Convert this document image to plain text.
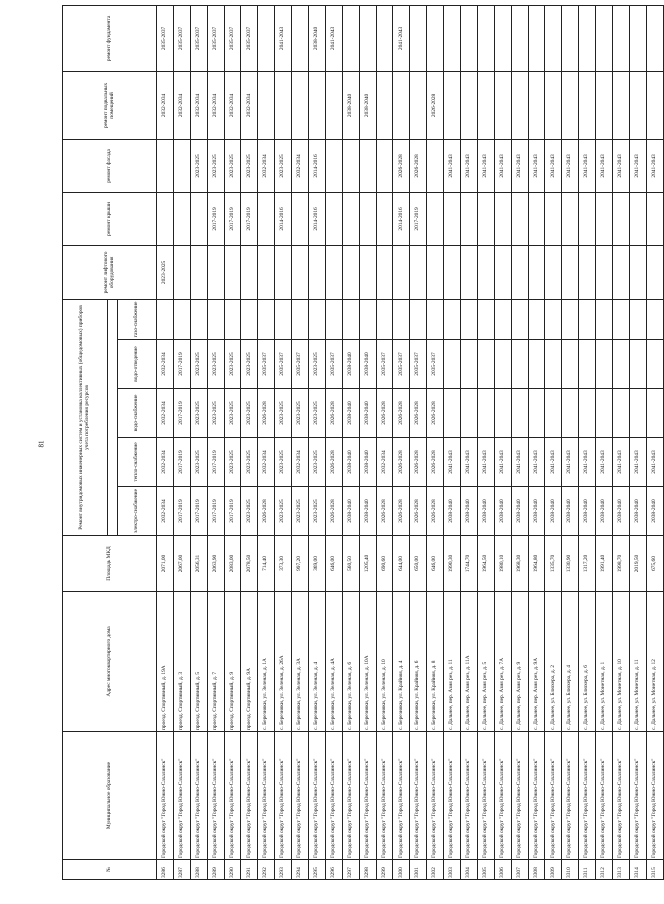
81
№	Муниципальное образование	Адрес многоквартирного дома	Площадь МКД	Ремонт внутридомовых инженерных систем и установка коллективных (общедомовых) приборов учета потребления ресурсов					ремонт лифтового оборудования	ремонт крыши	ремонт фасада	ремонт подвальных помещений	ремонт фундамента

				электро-снабжение	тепло-снабжение	водо-снабжение	водо-отведение	газо-снабжение					
3286	Городской округ "Город Южно-Сахалинск"	проезд. Спортивный, д. 19А	2071,00	2032-2034	2032-2034	2032-2034	2032-2034		2023-2025			2032-2034	2035-2037
3287	Городской округ "Город Южно-Сахалинск"	проезд. Спортивный, д. 3	2067,00	2017-2019	2017-2019	2017-2019	2017-2019					2032-2034	2035-2037
3288	Городской округ "Город Южно-Сахалинск"	проезд. Спортивный, д. 5	2056,31	2017-2019	2023-2025	2023-2025	2023-2025				2023-2025	2032-2034	2035-2037
3289	Городской округ "Город Южно-Сахалинск"	проезд. Спортивный, д. 7	2063,90	2017-2019	2017-2019	2023-2025	2023-2025			2017-2019	2023-2025	2032-2034	2035-2037
3290	Городской округ "Город Южно-Сахалинск"	проезд. Спортивный, д. 9	2083,00	2017-2019	2023-2025	2023-2025	2023-2025			2017-2019	2023-2025	2032-2034	2035-2037
3291	Городской округ "Город Южно-Сахалинск"	проезд. Спортивный, д. 9А	2078,50	2023-2025	2023-2025	2023-2025	2023-2025			2017-2019	2023-2025	2032-2034	2035-2037
3292	Городской округ "Город Южно-Сахалинск"	с. Березняки, ул. Зеленая, д. 1А	714,40	2026-2028	2032-2034	2026-2028	2035-2037				2032-2034		
3293	Городской округ "Город Южно-Сахалинск"	с. Березняки, ул. Зеленая, д. 26А	373,30	2023-2025	2023-2025	2023-2025	2035-2037			2014-2016	2023-2025		2041-2043
3294	Городской округ "Город Южно-Сахалинск"	с. Березняки, ул. Зеленая, д. 3А	997,20	2023-2025	2032-2034	2023-2025	2035-2037				2032-2034		
3295	Городской округ "Город Южно-Сахалинск"	с. Березняки, ул. Зеленая, д. 4	369,00	2023-2025	2023-2025	2023-2025	2023-2025			2014-2016	2014-2016		2038-2040
3296	Городской округ "Город Южно-Сахалинск"	с. Березняки, ул. Зеленая, д. 4А	646,00	2026-2028	2026-2028	2026-2028	2035-2037						2041-2043
3297	Городской округ "Город Южно-Сахалинск"	с. Березняки, ул. Зеленая, д. 6	560,50	2038-2040	2038-2040	2038-2040	2038-2040					2038-2040	
3298	Городской округ "Город Южно-Сахалинск"	с. Березняки, ул. Зеленая, д. 10А	1205,40	2038-2040	2038-2040	2038-2040	2038-2040					2038-2040	
3299	Городской округ "Город Южно-Сахалинск"	с. Березняки, ул. Зеленая, д. 10	690,60	2026-2028	2032-2034	2026-2028	2035-2037						
3300	Городской округ "Город Южно-Сахалинск"	с. Березняки, ул. Крайняя, д. 4	644,00	2026-2028	2026-2028	2026-2028	2035-2037			2014-2016	2026-2028		2041-2043
3301	Городской округ "Город Южно-Сахалинск"	с. Березняки, ул. Крайняя, д. 6	650,00	2026-2028	2026-2028	2026-2028	2035-2037			2017-2019	2026-2028		
3302	Городской округ "Город Южно-Сахалинск"	с. Березняки, ул. Крайняя, д. 8	646,00	2026-2028	2026-2028	2026-2028	2035-2037					2026-2028	
3303	Городской округ "Город Южно-Сахалинск"	с. Дальнее, пер. Азия рез, д. 11	1990,30	2038-2040	2041-2043						2041-2043		
3304	Городской округ "Город Южно-Сахалинск"	с. Дальнее, пер. Азия рез, д. 11А	1744,70	2038-2040	2041-2043						2041-2043		
3305	Городской округ "Город Южно-Сахалинск"	с. Дальнее, пер. Азия рез, д. 5	1964,50	2038-2040	2041-2043						2041-2043		
3306	Городской округ "Город Южно-Сахалинск"	с. Дальнее, пер. Азия рез, д. 7А	1980,10	2038-2040	2041-2043						2041-2043		
3307	Городской округ "Город Южно-Сахалинск"	с. Дальнее, пер. Азия рез, д. 9	1968,30	2038-2040	2041-2043						2041-2043		
3308	Городской округ "Город Южно-Сахалинск"	с. Дальнее, пер. Азия рез, д. 9А	1964,80	2038-2040	2041-2043						2041-2043		
3309	Городской округ "Город Южно-Сахалинск"	с. Дальнее, ул. Блюхера, д. 2	1335,70	2038-2040	2041-2043						2041-2043		
3310	Городской округ "Город Южно-Сахалинск"	с. Дальнее, ул. Блюхера, д. 4	1330,90	2038-2040	2041-2043						2041-2043		
3311	Городской округ "Город Южно-Сахалинск"	с. Дальнее, ул. Блюхера, д. 6	1317,20	2038-2040	2041-2043						2041-2043		
3312	Городской округ "Город Южно-Сахалинск"	с. Дальнее, ул. Монетная, д. 1	1991,40	2038-2040	2041-2043						2041-2043		
3313	Городской округ "Город Южно-Сахалинск"	с. Дальнее, ул. Монетная, д. 10	1998,70	2038-2040	2041-2043						2041-2043		
3314	Городской округ "Город Южно-Сахалинск"	с. Дальнее, ул. Монетная, д. 11	2019,50	2038-2040	2041-2043						2041-2043		
3315	Городской округ "Город Южно-Сахалинск"	с. Дальнее, ул. Монетная, д. 12	675,60	2038-2040	2041-2043						2041-2043		
